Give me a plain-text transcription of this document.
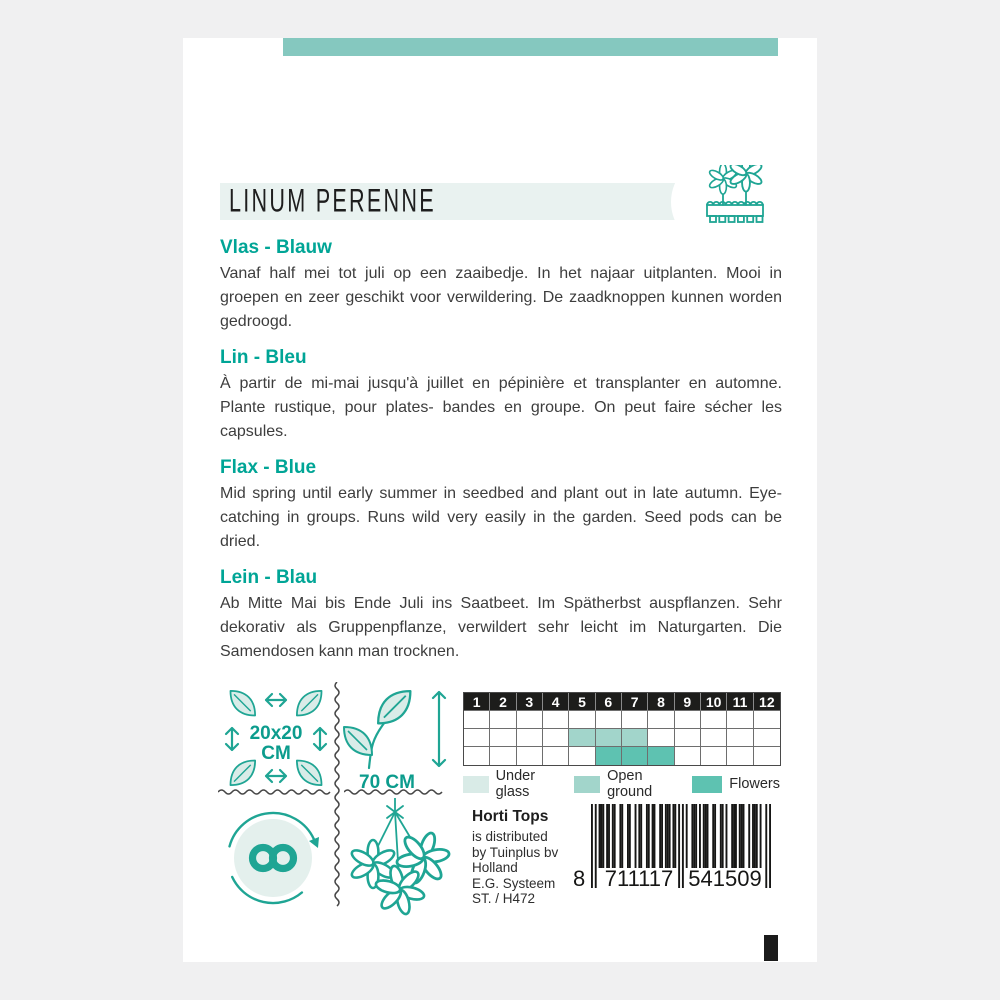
LINUM PERENNE
Vlas - Blauw

Vanaf half mei tot juli op een zaaibedje. In het najaar uitplanten. Mooi in groepen en zeer geschikt voor verwildering. De zaadknoppen kunnen worden gedroogd.

Lin - Bleu

À partir de mi-mai jusqu'à juillet en pépinière et transplanter en automne. Plante rustique, pour plates- bandes en groupe. On peut faire sécher les capsules.

Flax - Blue

Mid spring until early summer in seedbed and plant out in late autumn. Eye-catching in groups. Runs wild very easily in the garden. Seed pods can be dried.

Lein - Blau

Ab Mitte Mai bis Ende Juli ins Saatbeet. Im Spätherbst auspflanzen. Sehr dekorativ als Gruppenpflanze, verwildert sehr leicht im Naturgarten. Die Samendosen kann man trocknen.

20x20
CM
70 CM
1	2	3	4	5	6	7	8	9	10 11 12
Under glass
Open ground	Flowers
Horti Tops
is distributed
by Tuinplus bv
Holland
E.G. Systeem
ST. / H472
8 711117 541509
